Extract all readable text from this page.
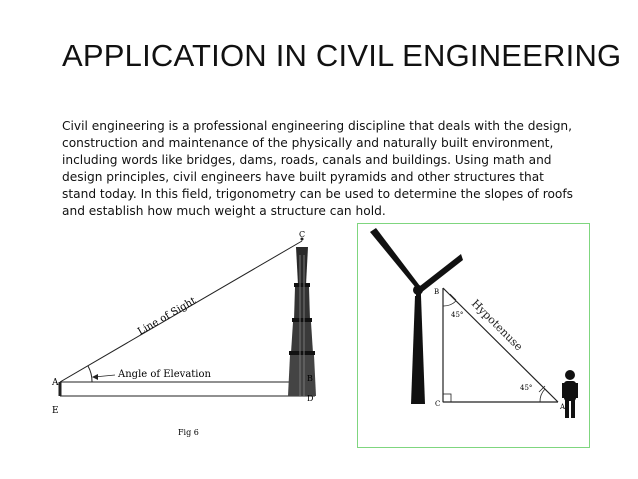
APPLICATION IN CIVIL ENGINEERING
Civil engineering is a professional engineering discipline that deals with the design,
construction and maintenance of the physically and naturally built environment,
including words like bridges, dams, roads, canals and buildings. Using math and
design principles, civil engineers have built pyramids and other structures that
stand today. In this field, trigonometry can be used to determine the slopes of roofs
and establish how much weight a structure can hold.
Line of Sight
Angle of Elevation
A
E
C
B
D
Fig 6
B
C	A
45°
45°
Hypotenuse
